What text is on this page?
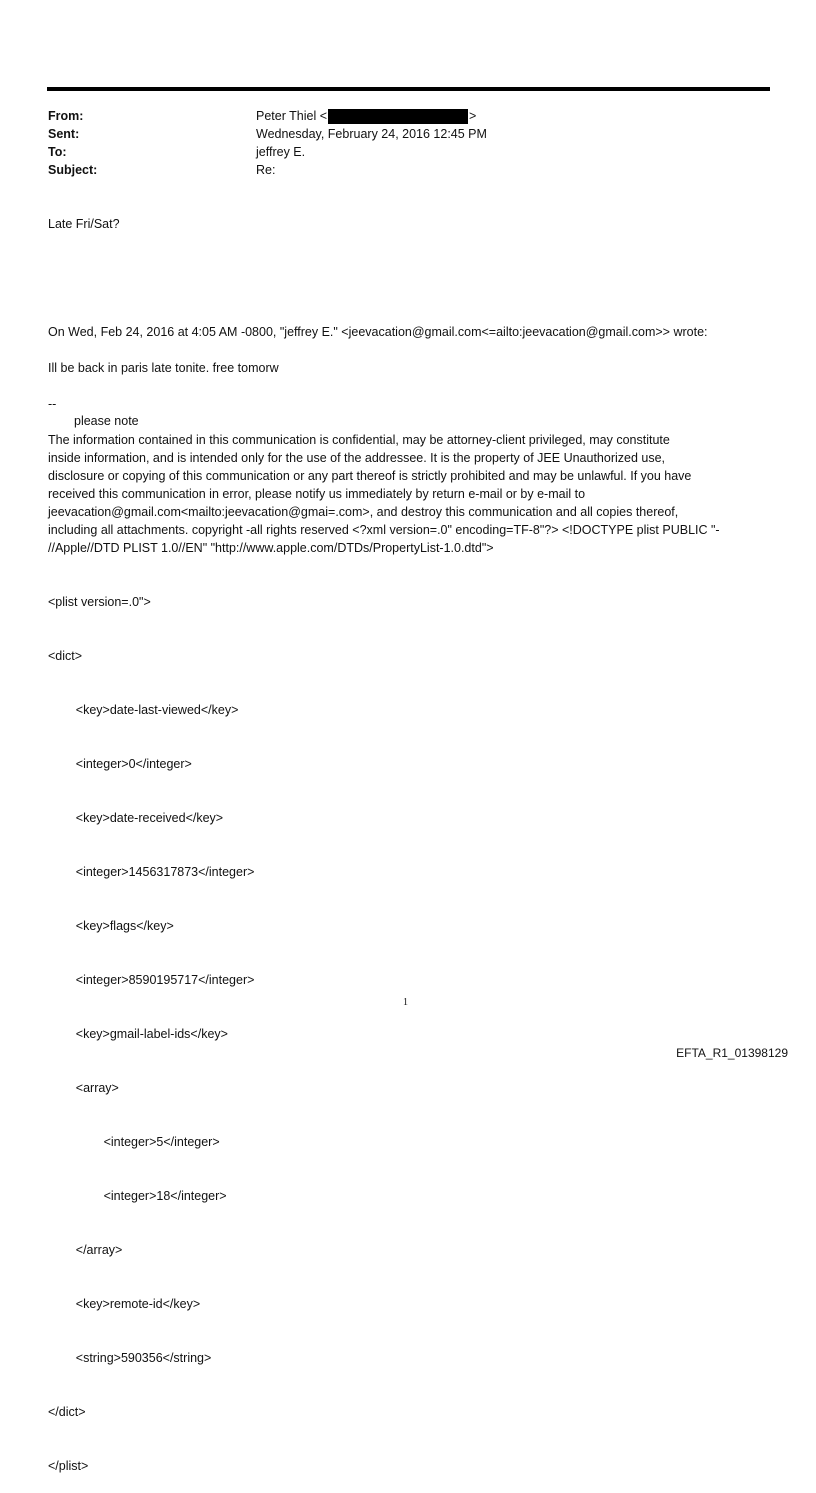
From:	Peter Thiel <	>
Sent:	Wednesday, February 24, 2016 12:45 PM
To:	jeffrey E.
Subject:	Re:
Late Fri/Sat?
On Wed, Feb 24, 2016 at 4:05 AM -0800, "jeffrey E." <jeevacation@gmail.com<=ailto:jeevacation@gmail.com>> wrote:
Ill be back in paris late tonite. free tomorw
--
please note
The information contained in this communication is confidential, may be attorney-client privileged, may constitute
inside information, and is intended only for the use of the addressee. It is the property of JEE Unauthorized use,
disclosure or copying of this communication or any part thereof is strictly prohibited and may be unlawful. If you have
received this communication in error, please notify us immediately by return e-mail or by e-mail to
jeevacation@gmail.com<mailto:jeevacation@gmai=.com>, and destroy this communication and all copies thereof,
including all attachments. copyright -all rights reserved <?xml version=.0" encoding=TF-8"?> <!DOCTYPE plist PUBLIC "-
//Apple//DTD PLIST 1.0//EN" "http://www.apple.com/DTDs/PropertyList-1.0.dtd">

<plist version=.0">

<dict>

<key>date-last-viewed</key>

<integer>0</integer>

<key>date-received</key>

<integer>1456317873</integer>

<key>flags</key>

<integer>8590195717</integer>

<key>gmail-label-ids</key>

<array>

<integer>5</integer>

<integer>18</integer>

</array>

<key>remote-id</key>

<string>590356</string>

</dict>

</plist>

1
EFTA_R1_01398129
